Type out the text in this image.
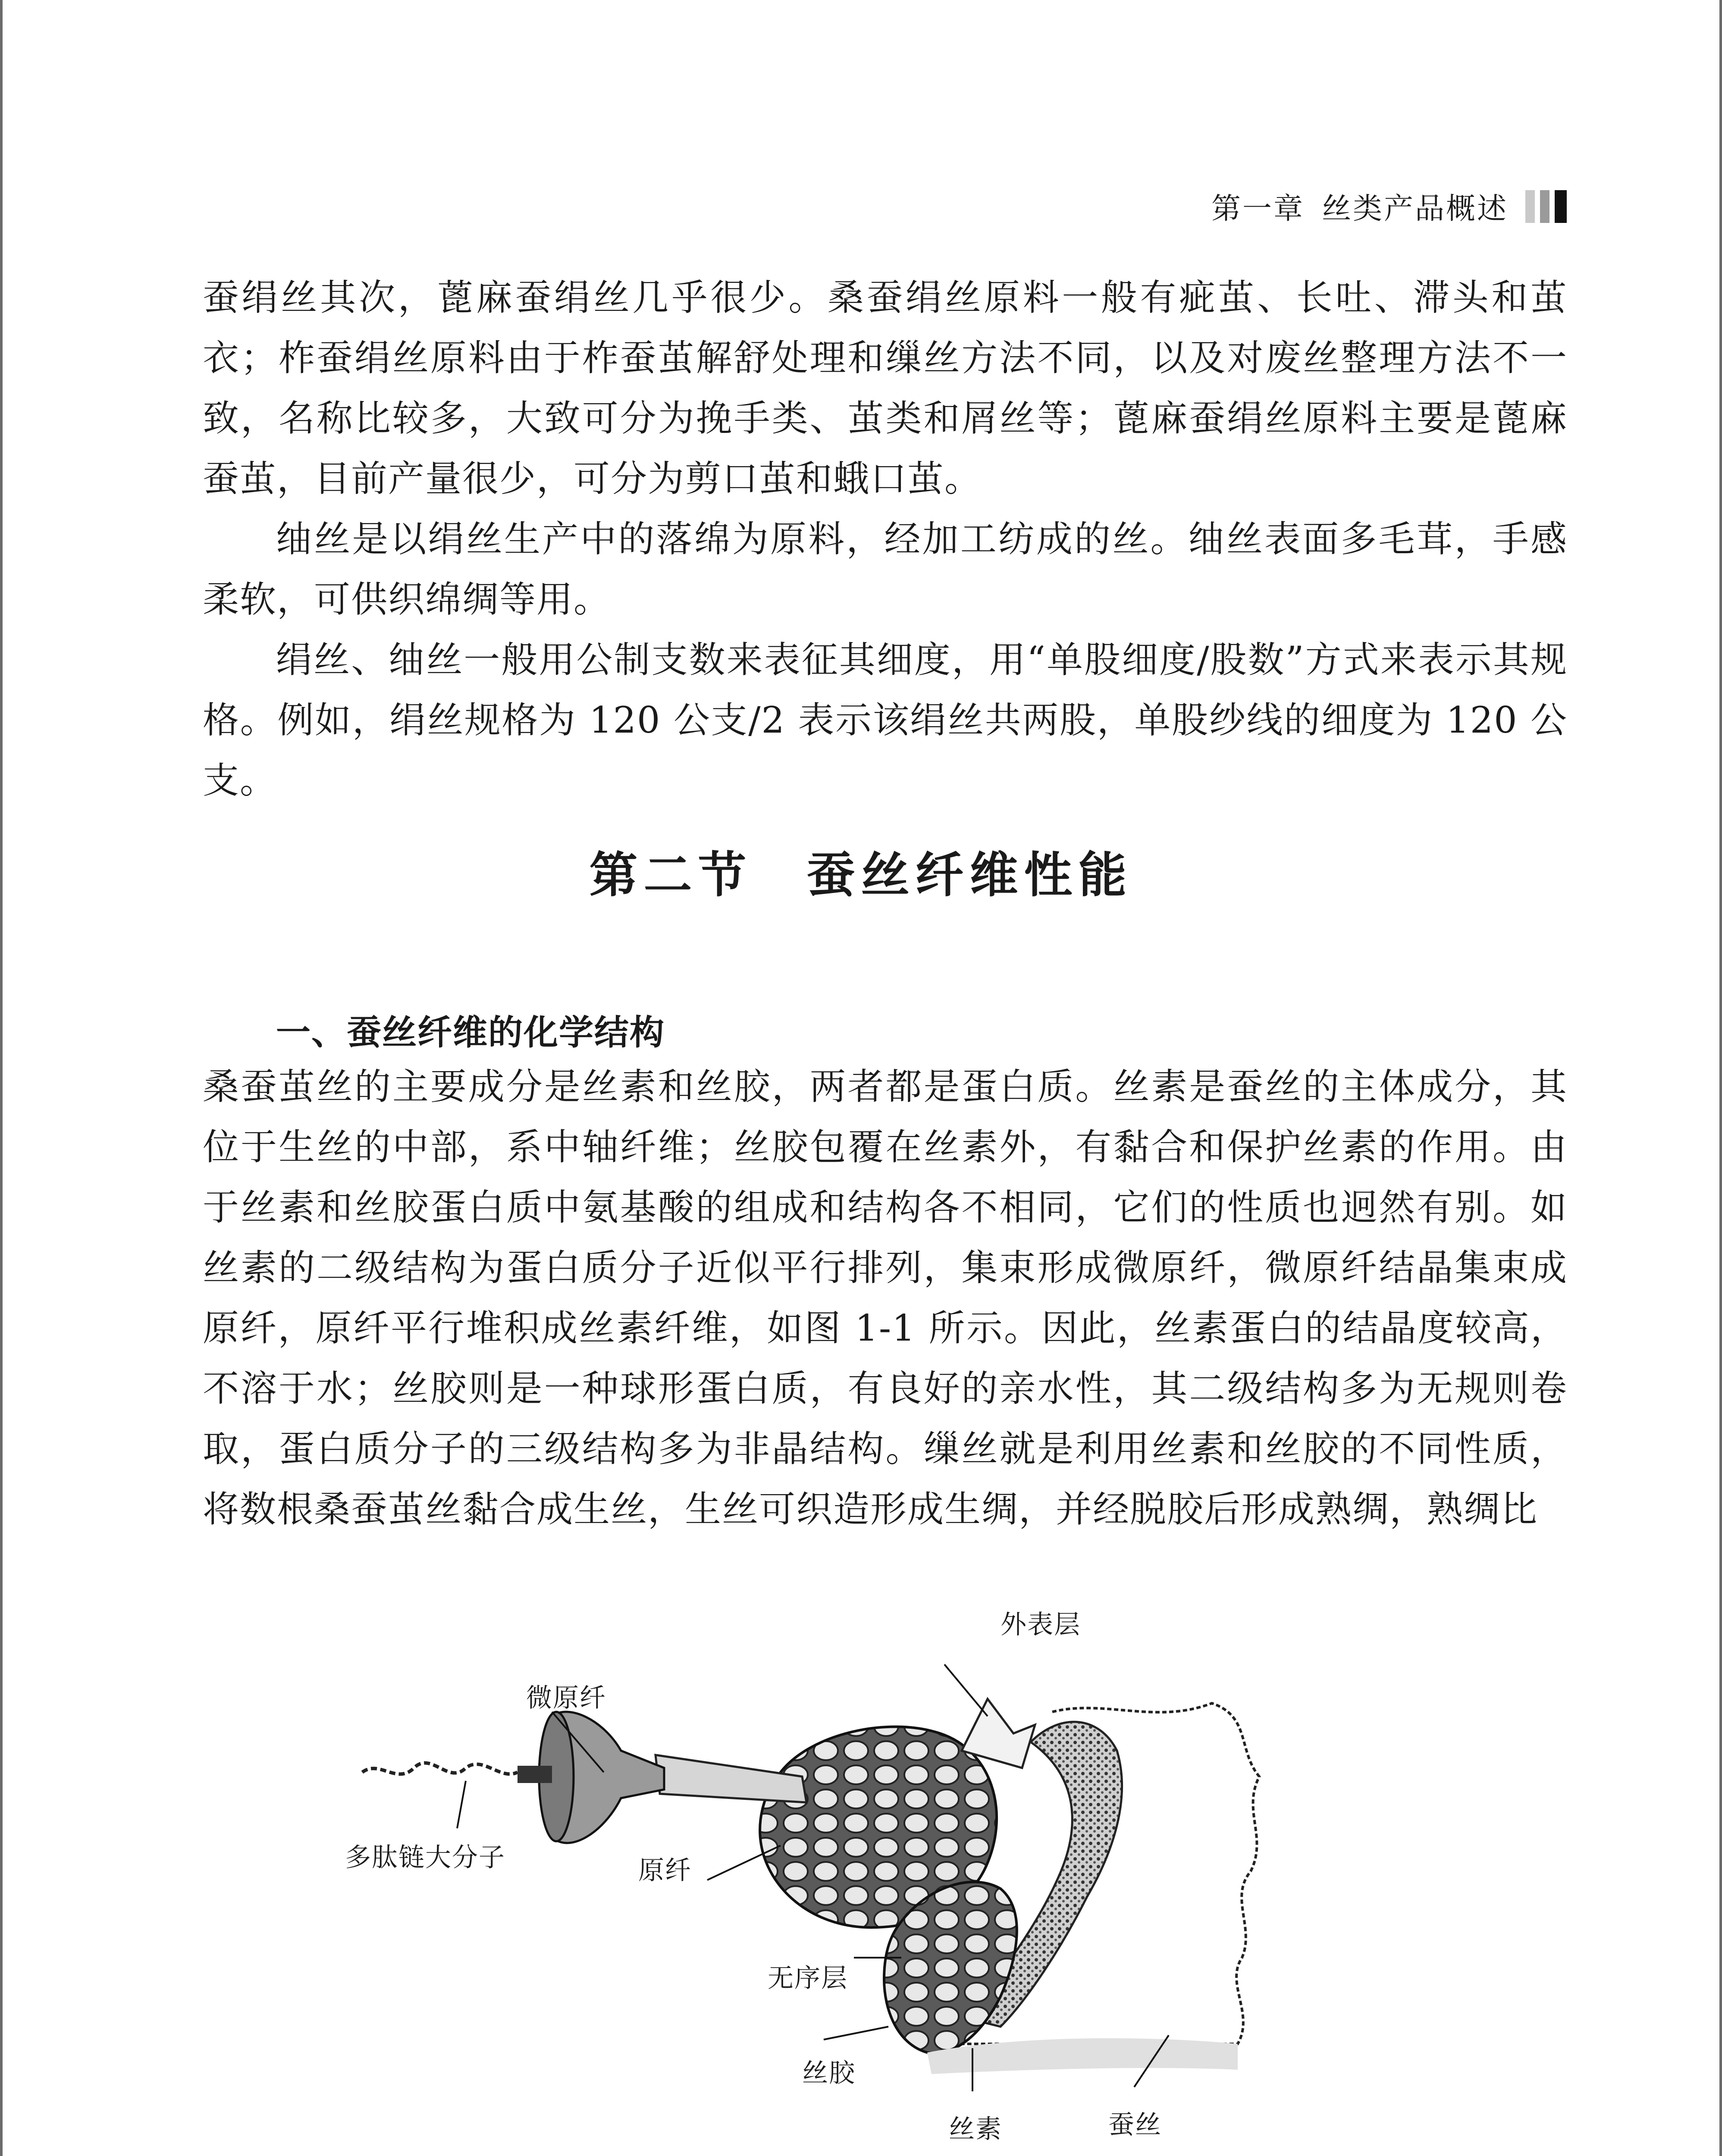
第一章 丝类产品概述

蚕绢丝其次，蓖麻蚕绢丝几乎很少。桑蚕绢丝原料一般有疵茧、长吐、滞头和茧衣；柞蚕绢丝原料由于柞蚕茧解舒处理和缫丝方法不同，以及对废丝整理方法不一致，名称比较多，大致可分为挽手类、茧类和屑丝等；蓖麻蚕绢丝原料主要是蓖麻蚕茧，目前产量很少，可分为剪口茧和蛾口茧。

䌷丝是以绢丝生产中的落绵为原料，经加工纺成的丝。䌷丝表面多毛茸，手感柔软，可供织绵绸等用。

绢丝、䌷丝一般用公制支数来表征其细度，用“单股细度/股数”方式来表示其规格。例如，绢丝规格为 120 公支/2 表示该绢丝共两股，单股纱线的细度为 120 公支。

第二节　蚕丝纤维性能
一、蚕丝纤维的化学结构

桑蚕茧丝的主要成分是丝素和丝胶，两者都是蛋白质。丝素是蚕丝的主体成分，其位于生丝的中部，系中轴纤维；丝胶包覆在丝素外，有黏合和保护丝素的作用。由于丝素和丝胶蛋白质中氨基酸的组成和结构各不相同，它们的性质也迥然有别。如丝素的二级结构为蛋白质分子近似平行排列，集束形成微原纤，微原纤结晶集束成原纤，原纤平行堆积成丝素纤维，如图 1-1 所示。因此，丝素蛋白的结晶度较高，不溶于水；丝胶则是一种球形蛋白质，有良好的亲水性，其二级结构多为无规则卷取，蛋白质分子的三级结构多为非晶结构。缫丝就是利用丝素和丝胶的不同性质，将数根桑蚕茧丝黏合成生丝，生丝可织造形成生绸，并经脱胶后形成熟绸，熟绸比

外表层
微原纤
多肽链大分子	原纤
无序层
丝胶
丝素	蚕丝
